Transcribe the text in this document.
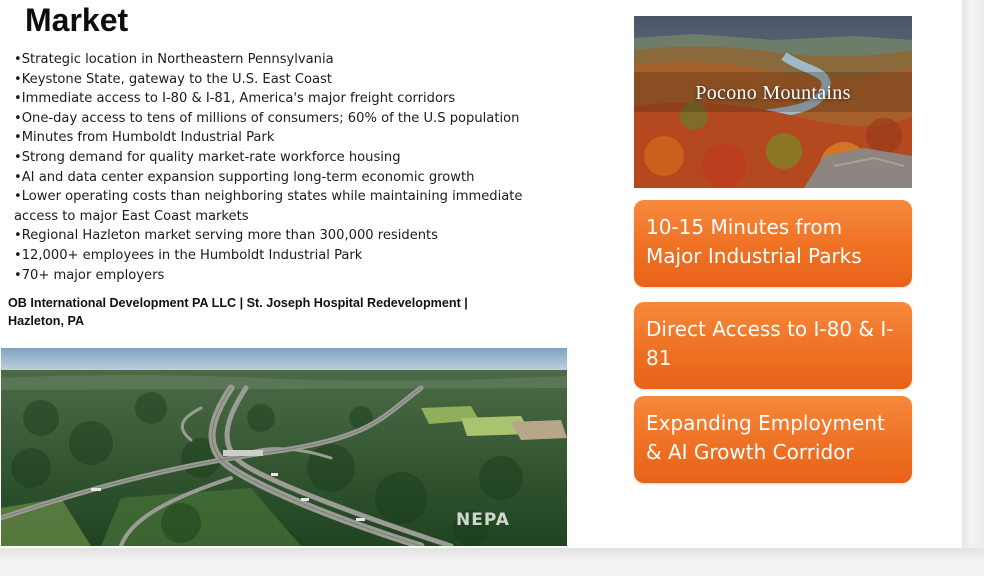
Market
•Strategic location in Northeastern Pennsylvania
•Keystone State, gateway to the U.S. East Coast
•Immediate access to I-80 & I-81, America's major freight corridors
•One-day access to tens of millions of consumers; 60% of the U.S population
•Minutes from Humboldt Industrial Park
•Strong demand for quality market-rate workforce housing
•AI and data center expansion supporting long-term economic growth
•Lower operating costs than neighboring states while maintaining immediate access to major East Coast markets
•Regional Hazleton market serving more than 300,000 residents
•12,000+ employees in the Humboldt Industrial Park
•70+ major employers
OB International Development PA LLC | St. Joseph Hospital Redevelopment | Hazleton, PA
NEPA
Pocono Mountains
10-15 Minutes from Major Industrial Parks
Direct Access to I-80 & I-81
Expanding Employment & AI Growth Corridor
